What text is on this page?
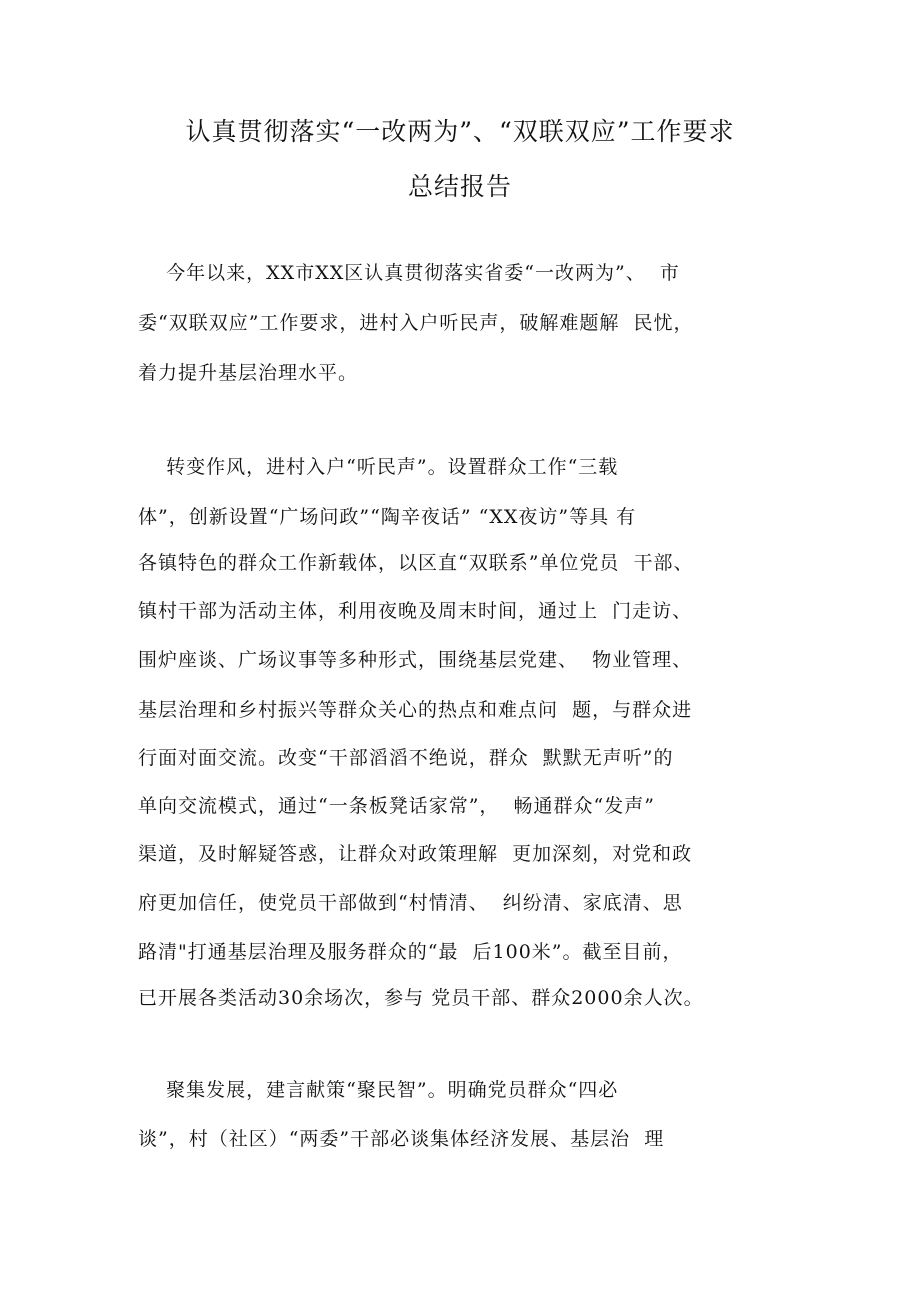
认真贯彻落实“一改两为”、“双联双应”工作要求
总结报告
今年以来，XX市XX区认真贯彻落实省委“一改两为”、  市
委“双联双应”工作要求，进村入户听民声，破解难题解  民忧，
着力提升基层治理水平。
转变作风，进村入户“听民声”。设置群众工作“三载
体”，创新设置“广场问政”“陶辛夜话” “XX夜访”等具 有
各镇特色的群众工作新载体，以区直“双联系”单位党员  干部、
镇村干部为活动主体，利用夜晚及周末时间，通过上  门走访、
围炉座谈、广场议事等多种形式，围绕基层党建、  物业管理、
基层治理和乡村振兴等群众关心的热点和难点问  题，与群众进
行面对面交流。改变“干部滔滔不绝说，群众  默默无声听”的
单向交流模式，通过“一条板凳话家常”，  畅通群众“发声”
渠道，及时解疑答惑，让群众对政策理解  更加深刻，对党和政
府更加信任，使党员干部做到“村情清、  纠纷清、家底清、思
路清"打通基层治理及服务群众的“最  后100米”。截至目前，
已开展各类活动30余场次，参与 党员干部、群众2000余人次。
聚集发展，建言献策“聚民智”。明确党员群众“四必
谈”，村（社区）“两委”干部必谈集体经济发展、基层治  理
